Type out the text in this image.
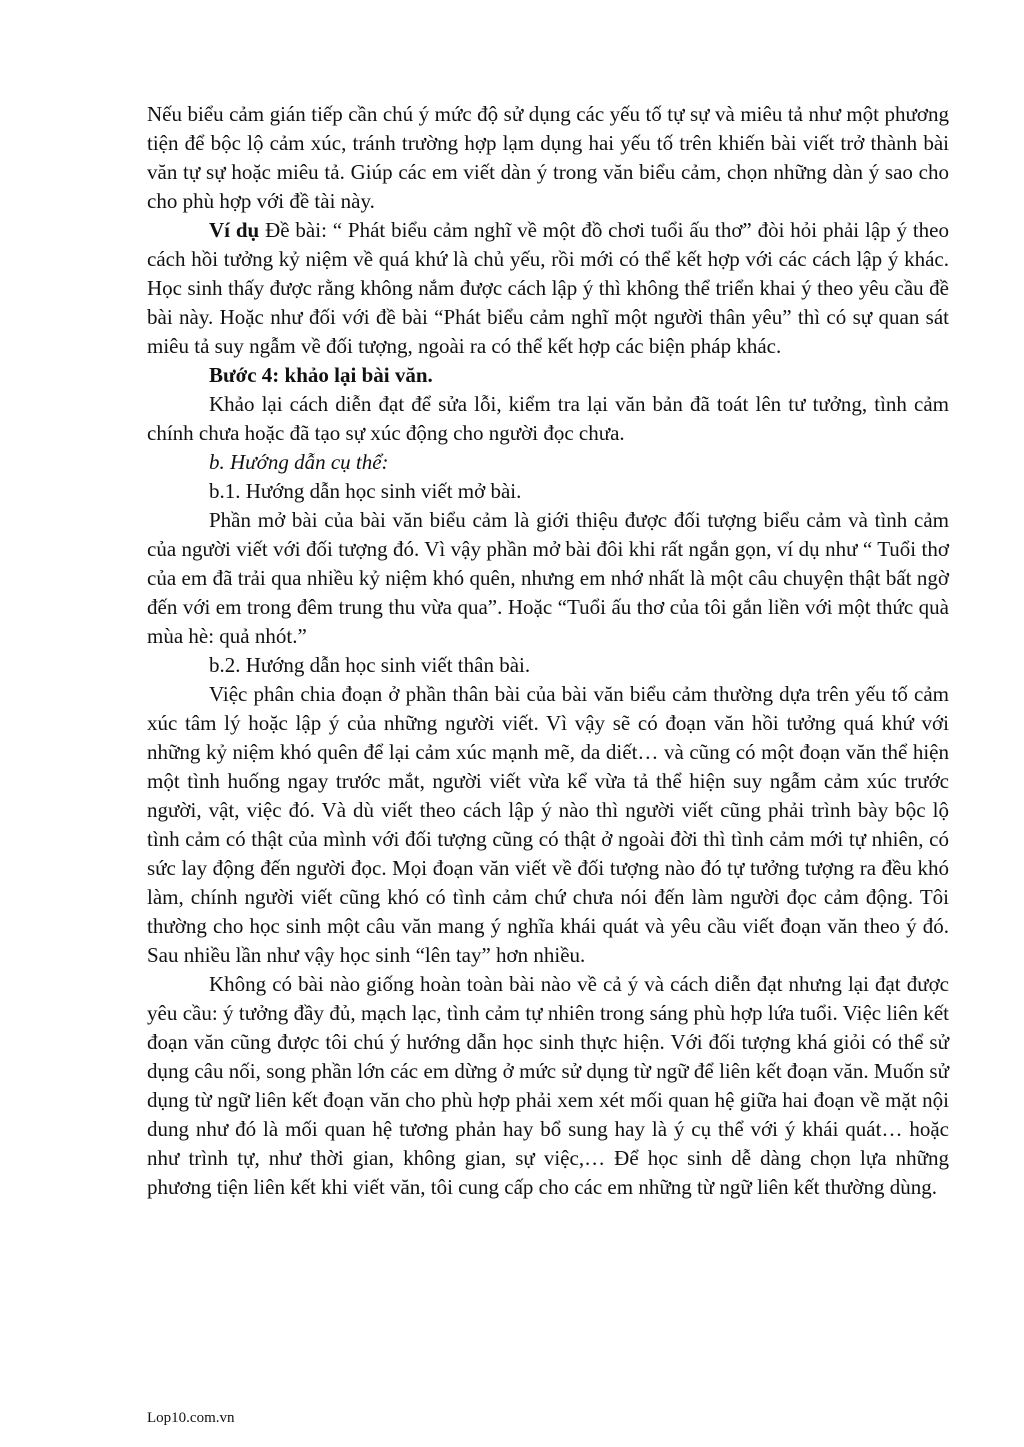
Nếu biểu cảm gián tiếp cần chú ý mức độ sử dụng các yếu tố tự sự và miêu tả như một phương tiện để bộc lộ cảm xúc, tránh trường hợp lạm dụng hai yếu tố trên khiến bài viết trở thành bài văn tự sự hoặc miêu tả. Giúp các em viết dàn ý trong văn biểu cảm, chọn những dàn ý sao cho cho phù hợp với đề tài này.

Ví dụ Đề bài: “ Phát biểu cảm nghĩ về một đồ chơi tuổi ấu thơ” đòi hỏi phải lập ý theo cách hồi tưởng kỷ niệm về quá khứ là chủ yếu, rồi mới có thể kết hợp với các cách lập ý khác. Học sinh thấy được rằng không nắm được cách lập ý thì không thể triển khai ý theo yêu cầu đề bài này. Hoặc như đối với đề bài “Phát biểu cảm nghĩ một người thân yêu” thì có sự quan sát miêu tả suy ngẫm về đối tượng, ngoài ra có thể kết hợp các biện pháp khác.

Bước 4: khảo lại bài văn.

Khảo lại cách diễn đạt để sửa lỗi, kiểm tra lại văn bản đã toát lên tư tưởng, tình cảm chính chưa hoặc đã tạo sự xúc động cho người đọc chưa.

b. Hướng dẫn cụ thể:

b.1. Hướng dẫn học sinh viết mở bài.

Phần mở bài của bài văn biểu cảm là giới thiệu được đối tượng biểu cảm và tình cảm của người viết với đối tượng đó. Vì vậy phần mở bài đôi khi rất ngắn gọn, ví dụ như “ Tuổi thơ của em đã trải qua nhiều kỷ niệm khó quên, nhưng em nhớ nhất là một câu chuyện thật bất ngờ đến với em trong đêm trung thu vừa qua”. Hoặc “Tuổi ấu thơ của tôi gắn liền với một thức quà mùa hè: quả nhót.”

b.2. Hướng dẫn học sinh viết thân bài.

Việc phân chia đoạn ở phần thân bài của bài văn biểu cảm thường dựa trên yếu tố cảm xúc tâm lý hoặc lập ý của những người viết. Vì vậy sẽ có đoạn văn hồi tưởng quá khứ với những kỷ niệm khó quên để lại cảm xúc mạnh mẽ, da diết… và cũng có một đoạn văn thể hiện một tình huống ngay trước mắt, người viết vừa kể vừa tả thể hiện suy ngẫm cảm xúc trước người, vật, việc đó. Và dù viết theo cách lập ý nào thì người viết cũng phải trình bày bộc lộ tình cảm có thật của mình với đối tượng cũng có thật ở ngoài đời thì tình cảm mới tự nhiên, có sức lay động đến người đọc. Mọi đoạn văn viết về đối tượng nào đó tự tưởng tượng ra đều khó làm, chính người viết cũng khó có tình cảm chứ chưa nói đến làm người đọc cảm động. Tôi thường cho học sinh một câu văn mang ý nghĩa khái quát và yêu cầu viết đoạn văn theo ý đó. Sau nhiều lần như vậy học sinh “lên tay” hơn nhiều.

Không có bài nào giống hoàn toàn bài nào về cả ý và cách diễn đạt nhưng lại đạt được yêu cầu: ý tưởng đầy đủ, mạch lạc, tình cảm tự nhiên trong sáng phù hợp lứa tuổi. Việc liên kết đoạn văn cũng được tôi chú ý hướng dẫn học sinh thực hiện. Với đối tượng khá giỏi có thể sử dụng câu nối, song phần lớn các em dừng ở mức sử dụng từ ngữ để liên kết đoạn văn. Muốn sử dụng từ ngữ liên kết đoạn văn cho phù hợp phải xem xét mối quan hệ giữa hai đoạn về mặt nội dung như đó là mối quan hệ tương phản hay bổ sung hay là ý cụ thể với ý khái quát… hoặc như trình tự, như thời gian, không gian, sự việc,… Để học sinh dễ dàng chọn lựa những phương tiện liên kết khi viết văn, tôi cung cấp cho các em những từ ngữ liên kết thường dùng.

Lop10.com.vn
